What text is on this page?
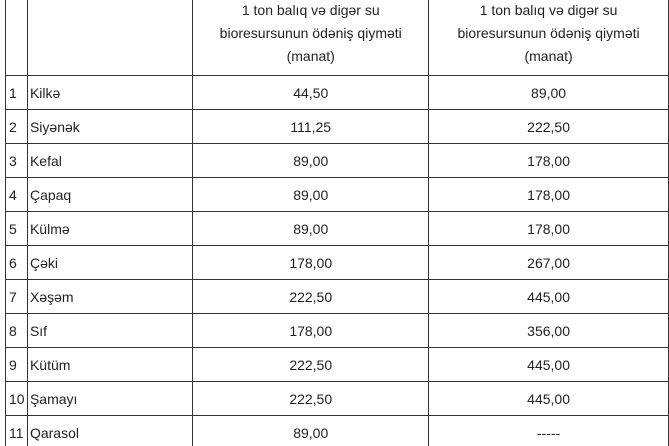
		1 ton balıq və digər su
bioresursunun ödəniş qiyməti
(manat)	1 ton balıq və digər su
bioresursunun ödəniş qiyməti
(manat)

1	Kilkə	44,50	89,00
2	Siyənək	111,25	222,50
3	Kefal	89,00	178,00
4	Çapaq	89,00	178,00
5	Külmə	89,00	178,00
6	Çəki	178,00	267,00
7	Xəşəm	222,50	445,00
8	Sıf	178,00	356,00
9	Kütüm	222,50	445,00
10	Şamayı	222,50	445,00
11	Qarasol	89,00	-----
